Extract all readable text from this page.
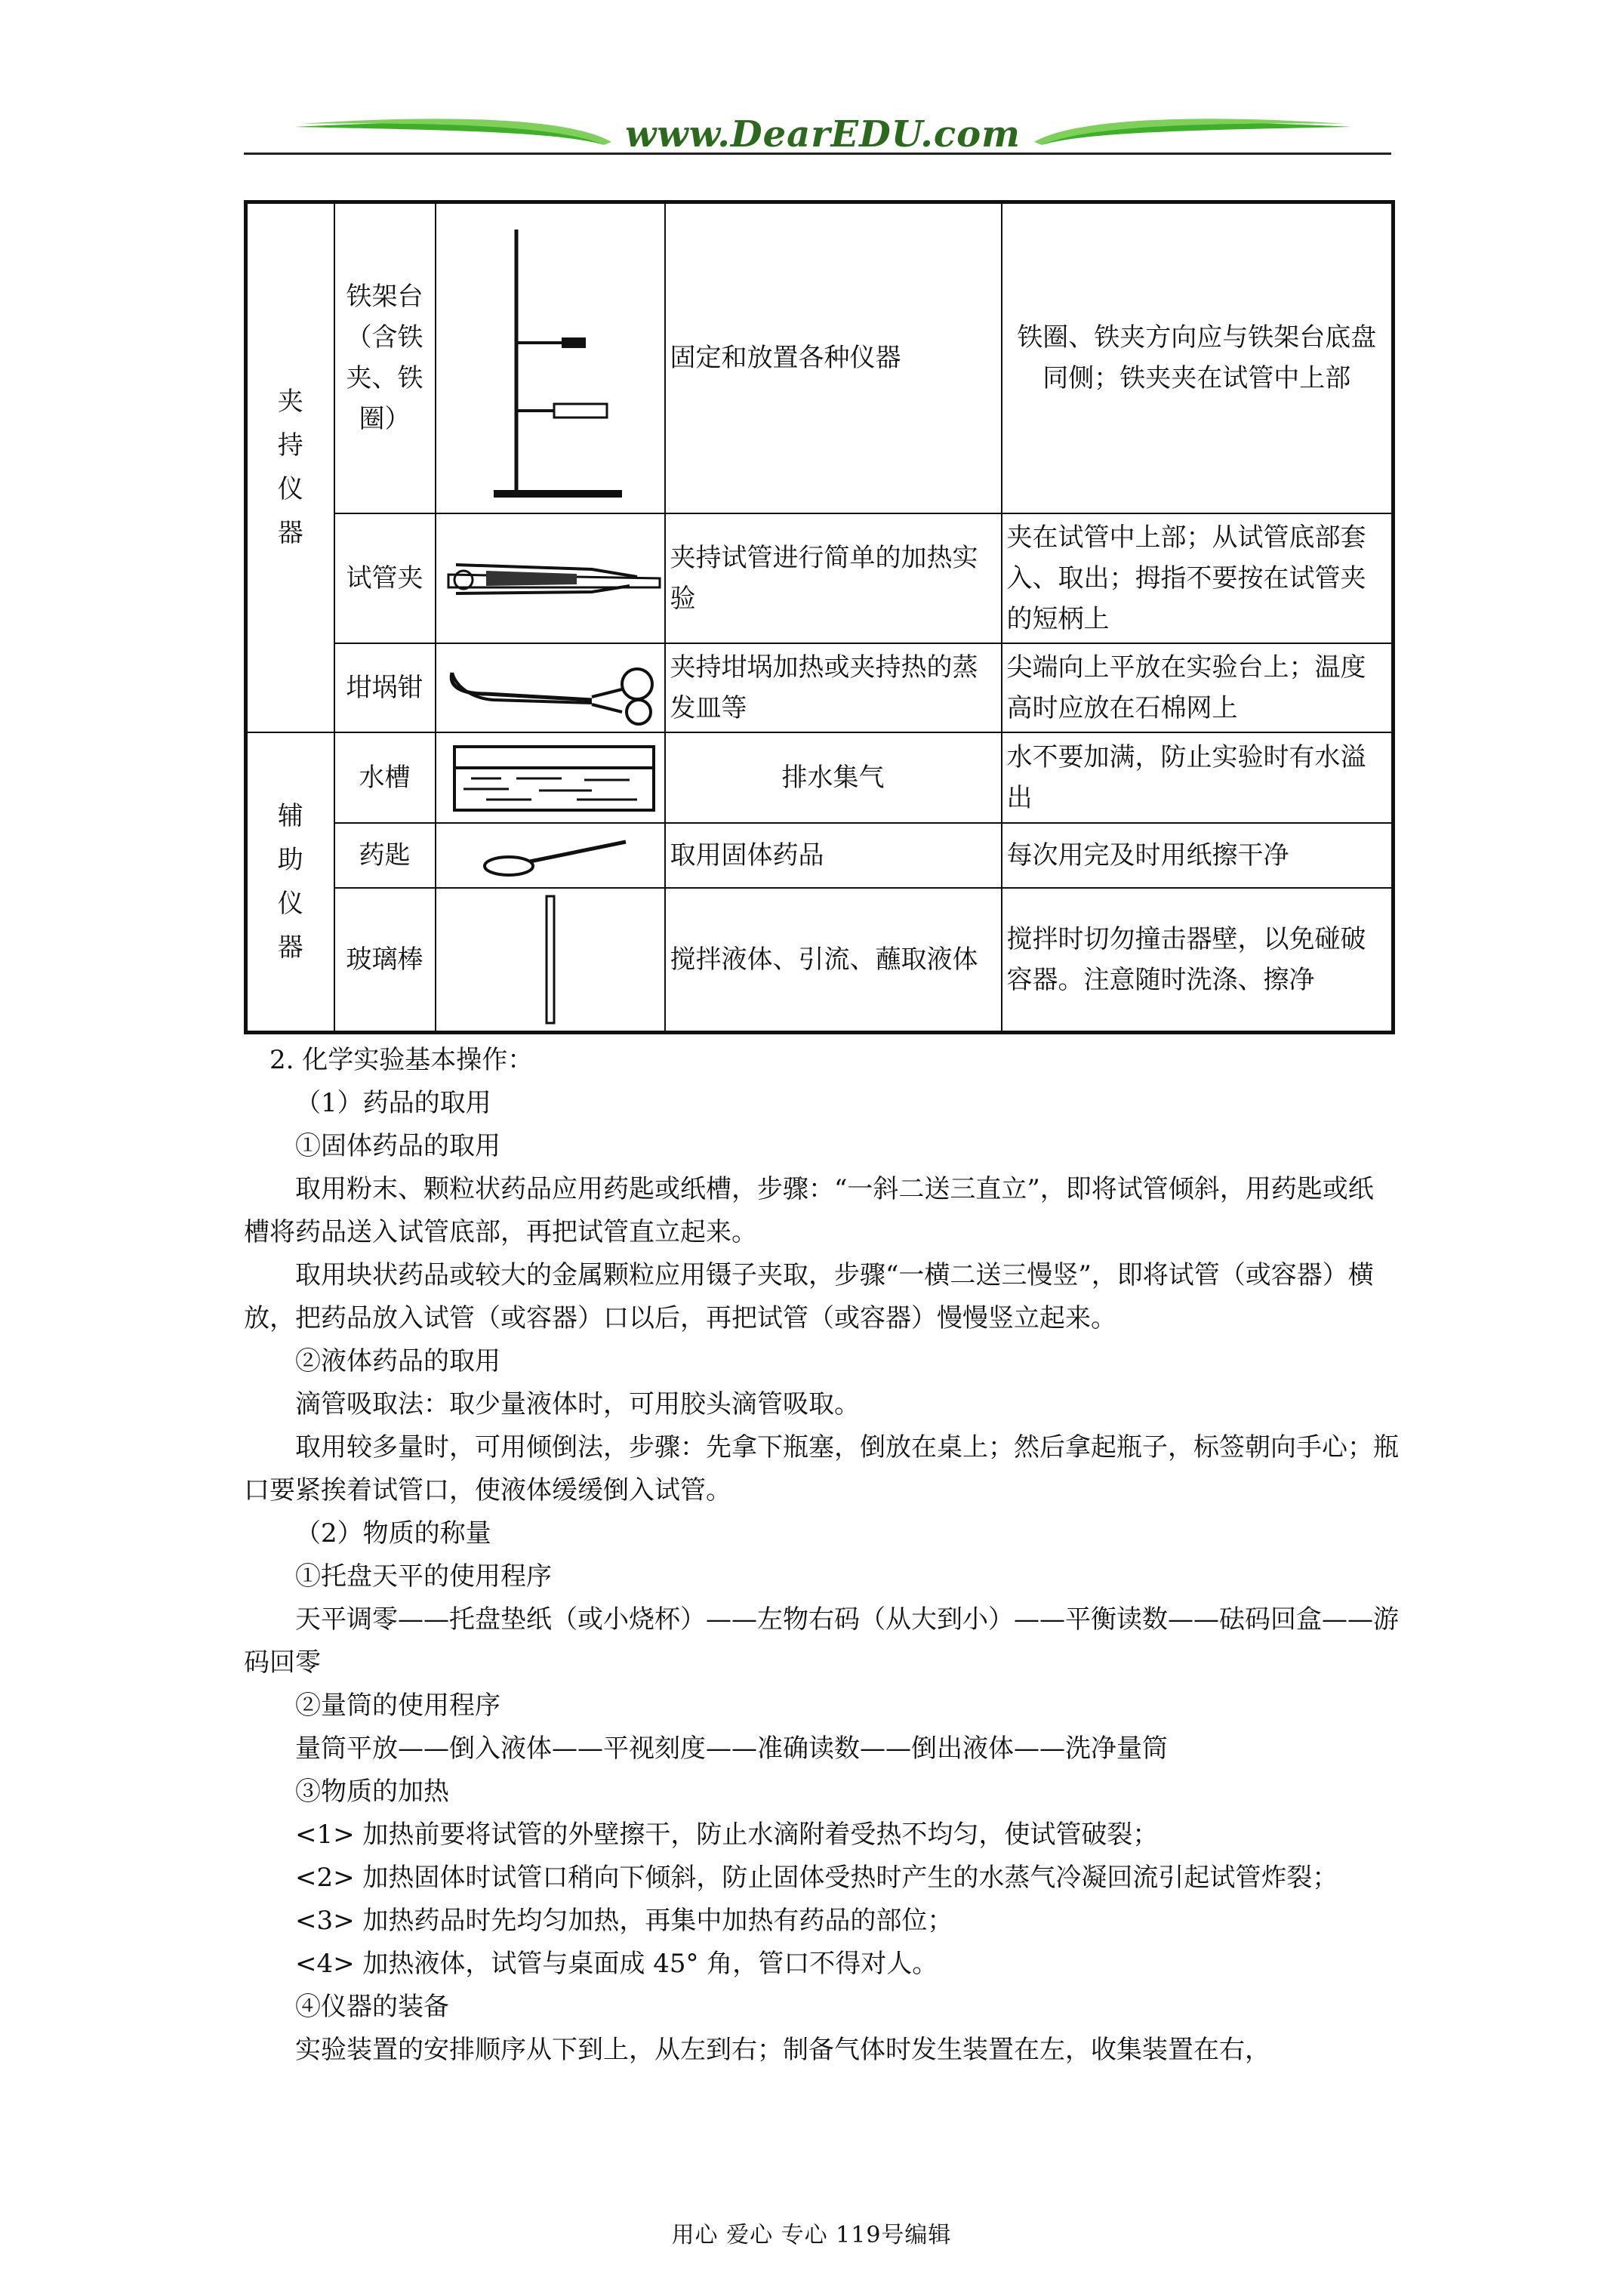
www.DearEDU.com
夹持仪器	铁架台（含铁夹、铁圈）		固定和放置各种仪器	铁圈、铁夹方向应与铁架台底盘同侧；铁夹夹在试管中上部
	试管夹		夹持试管进行简单的加热实验	夹在试管中上部；从试管底部套入、取出；拇指不要按在试管夹的短柄上
	坩埚钳		夹持坩埚加热或夹持热的蒸发皿等	尖端向上平放在实验台上；温度高时应放在石棉网上
辅助仪器	水槽		排水集气	水不要加满，防止实验时有水溢出
	药匙		取用固体药品	每次用完及时用纸擦干净
	玻璃棒		搅拌液体、引流、蘸取液体	搅拌时切勿撞击器壁，以免碰破容器。注意随时洗涤、擦净

2. 化学实验基本操作：

（1）药品的取用

①固体药品的取用

取用粉末、颗粒状药品应用药匙或纸槽，步骤：“一斜二送三直立”，即将试管倾斜，用药匙或纸槽将药品送入试管底部，再把试管直立起来。

取用块状药品或较大的金属颗粒应用镊子夹取，步骤“一横二送三慢竖”，即将试管（或容器）横放，把药品放入试管（或容器）口以后，再把试管（或容器）慢慢竖立起来。

②液体药品的取用

滴管吸取法：取少量液体时，可用胶头滴管吸取。

取用较多量时，可用倾倒法，步骤：先拿下瓶塞，倒放在桌上；然后拿起瓶子，标签朝向手心；瓶口要紧挨着试管口，使液体缓缓倒入试管。

（2）物质的称量

①托盘天平的使用程序

天平调零——托盘垫纸（或小烧杯）——左物右码（从大到小）——平衡读数——砝码回盒——游码回零

②量筒的使用程序

量筒平放——倒入液体——平视刻度——准确读数——倒出液体——洗净量筒

③物质的加热

<1> 加热前要将试管的外壁擦干，防止水滴附着受热不均匀，使试管破裂；

<2> 加热固体时试管口稍向下倾斜，防止固体受热时产生的水蒸气冷凝回流引起试管炸裂；

<3> 加热药品时先均匀加热，再集中加热有药品的部位；

<4> 加热液体，试管与桌面成 45° 角，管口不得对人。

④仪器的装备

实验装置的安排顺序从下到上，从左到右；制备气体时发生装置在左，收集装置在右，

用心 爱心 专心 119号编辑
